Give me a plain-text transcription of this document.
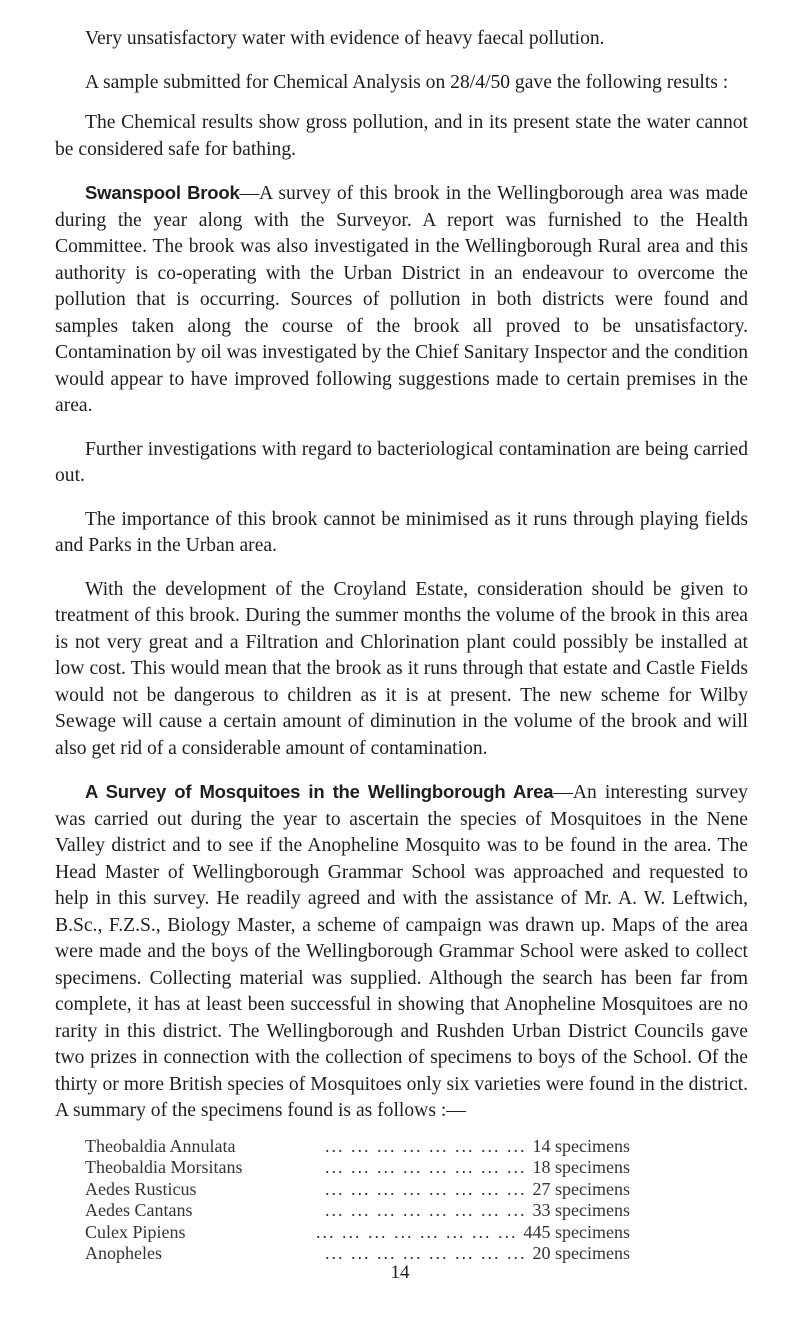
Very unsatisfactory water with evidence of heavy faecal pollution.

A sample submitted for Chemical Analysis on 28/4/50 gave the following results :

The Chemical results show gross pollution, and in its present state the water cannot be considered safe for bathing.

Swanspool Brook—A survey of this brook in the Wellingborough area was made during the year along with the Surveyor. A report was furnished to the Health Committee. The brook was also investigated in the Wellingborough Rural area and this authority is co-operating with the Urban District in an endeavour to overcome the pollution that is occurring. Sources of pollution in both districts were found and samples taken along the course of the brook all proved to be unsatisfactory. Contamination by oil was investigated by the Chief Sanitary Inspector and the condition would appear to have improved following suggestions made to certain premises in the area.

Further investigations with regard to bacteriological contamination are being carried out.

The importance of this brook cannot be minimised as it runs through playing fields and Parks in the Urban area.

With the development of the Croyland Estate, consideration should be given to treatment of this brook. During the summer months the volume of the brook in this area is not very great and a Filtration and Chlorination plant could possibly be installed at low cost. This would mean that the brook as it runs through that estate and Castle Fields would not be dangerous to children as it is at present. The new scheme for Wilby Sewage will cause a certain amount of diminution in the volume of the brook and will also get rid of a considerable amount of contamination.

A Survey of Mosquitoes in the Wellingborough Area—An interesting survey was carried out during the year to ascertain the species of Mosquitoes in the Nene Valley district and to see if the Anopheline Mosquito was to be found in the area. The Head Master of Wellingborough Grammar School was approached and requested to help in this survey. He readily agreed and with the assistance of Mr. A. W. Leftwich, B.Sc., F.Z.S., Biology Master, a scheme of campaign was drawn up. Maps of the area were made and the boys of the Wellingborough Grammar School were asked to collect specimens. Collecting material was supplied. Although the search has been far from complete, it has at least been successful in showing that Anopheline Mosquitoes are no rarity in this district. The Wellingborough and Rushden Urban District Councils gave two prizes in connection with the collection of specimens to boys of the School. Of the thirty or more British species of Mosquitoes only six varieties were found in the district. A summary of the specimens found is as follows :—

Theobaldia Annulata	... ... ... ... ... ... ... ... 14 specimens
Theobaldia Morsitans	... ... ... ... ... ... ... ... 18 specimens
Aedes Rusticus	... ... ... ... ... ... ... ... 27 specimens
Aedes Cantans	... ... ... ... ... ... ... ... 33 specimens
Culex Pipiens	... ... ... ... ... ... ... ... 445 specimens
Anopheles	... ... ... ... ... ... ... ... 20 specimens
14
